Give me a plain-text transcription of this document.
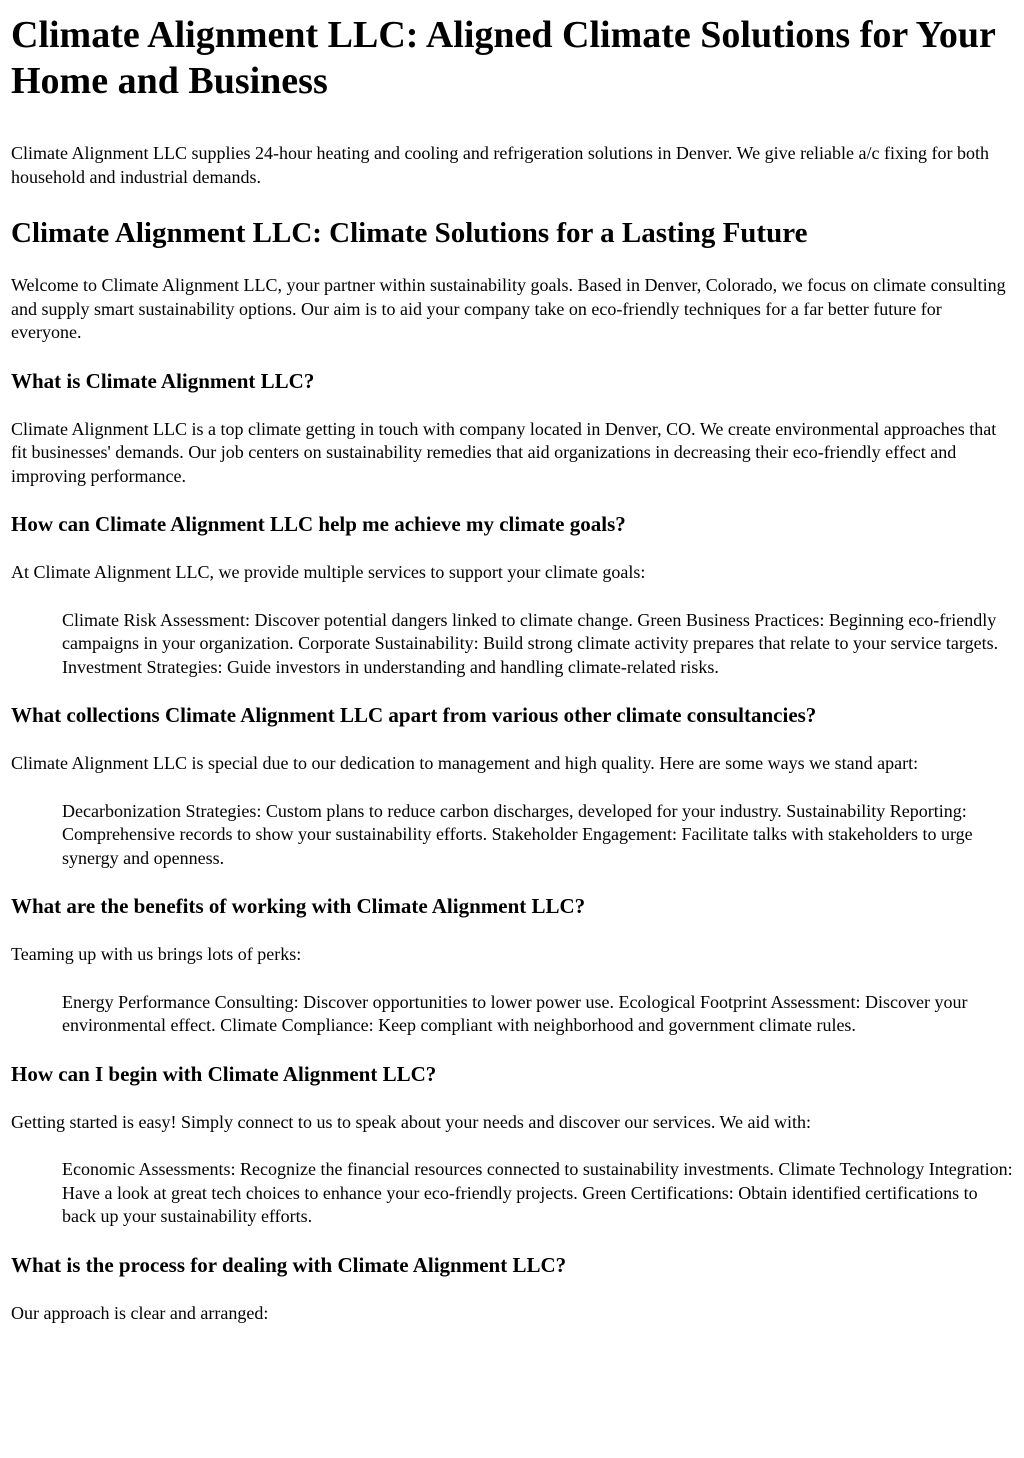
Climate Alignment LLC: Aligned Climate Solutions for Your Home and Business

Climate Alignment LLC supplies 24-hour heating and cooling and refrigeration solutions in Denver. We give reliable a/c fixing for both household and industrial demands.

Climate Alignment LLC: Climate Solutions for a Lasting Future

Welcome to Climate Alignment LLC, your partner within sustainability goals. Based in Denver, Colorado, we focus on climate consulting and supply smart sustainability options. Our aim is to aid your company take on eco-friendly techniques for a far better future for everyone.

What is Climate Alignment LLC?

Climate Alignment LLC is a top climate getting in touch with company located in Denver, CO. We create environmental approaches that fit businesses' demands. Our job centers on sustainability remedies that aid organizations in decreasing their eco-friendly effect and improving performance.

How can Climate Alignment LLC help me achieve my climate goals?

At Climate Alignment LLC, we provide multiple services to support your climate goals:

Climate Risk Assessment: Discover potential dangers linked to climate change. Green Business Practices: Beginning eco-friendly campaigns in your organization. Corporate Sustainability: Build strong climate activity prepares that relate to your service targets. Investment Strategies: Guide investors in understanding and handling climate-related risks.
What collections Climate Alignment LLC apart from various other climate consultancies?

Climate Alignment LLC is special due to our dedication to management and high quality. Here are some ways we stand apart:

Decarbonization Strategies: Custom plans to reduce carbon discharges, developed for your industry. Sustainability Reporting: Comprehensive records to show your sustainability efforts. Stakeholder Engagement: Facilitate talks with stakeholders to urge synergy and openness.
What are the benefits of working with Climate Alignment LLC?

Teaming up with us brings lots of perks:

Energy Performance Consulting: Discover opportunities to lower power use. Ecological Footprint Assessment: Discover your environmental effect. Climate Compliance: Keep compliant with neighborhood and government climate rules.
How can I begin with Climate Alignment LLC?

Getting started is easy! Simply connect to us to speak about your needs and discover our services. We aid with:

Economic Assessments: Recognize the financial resources connected to sustainability investments. Climate Technology Integration: Have a look at great tech choices to enhance your eco-friendly projects. Green Certifications: Obtain identified certifications to back up your sustainability efforts.
What is the process for dealing with Climate Alignment LLC?

Our approach is clear and arranged:
